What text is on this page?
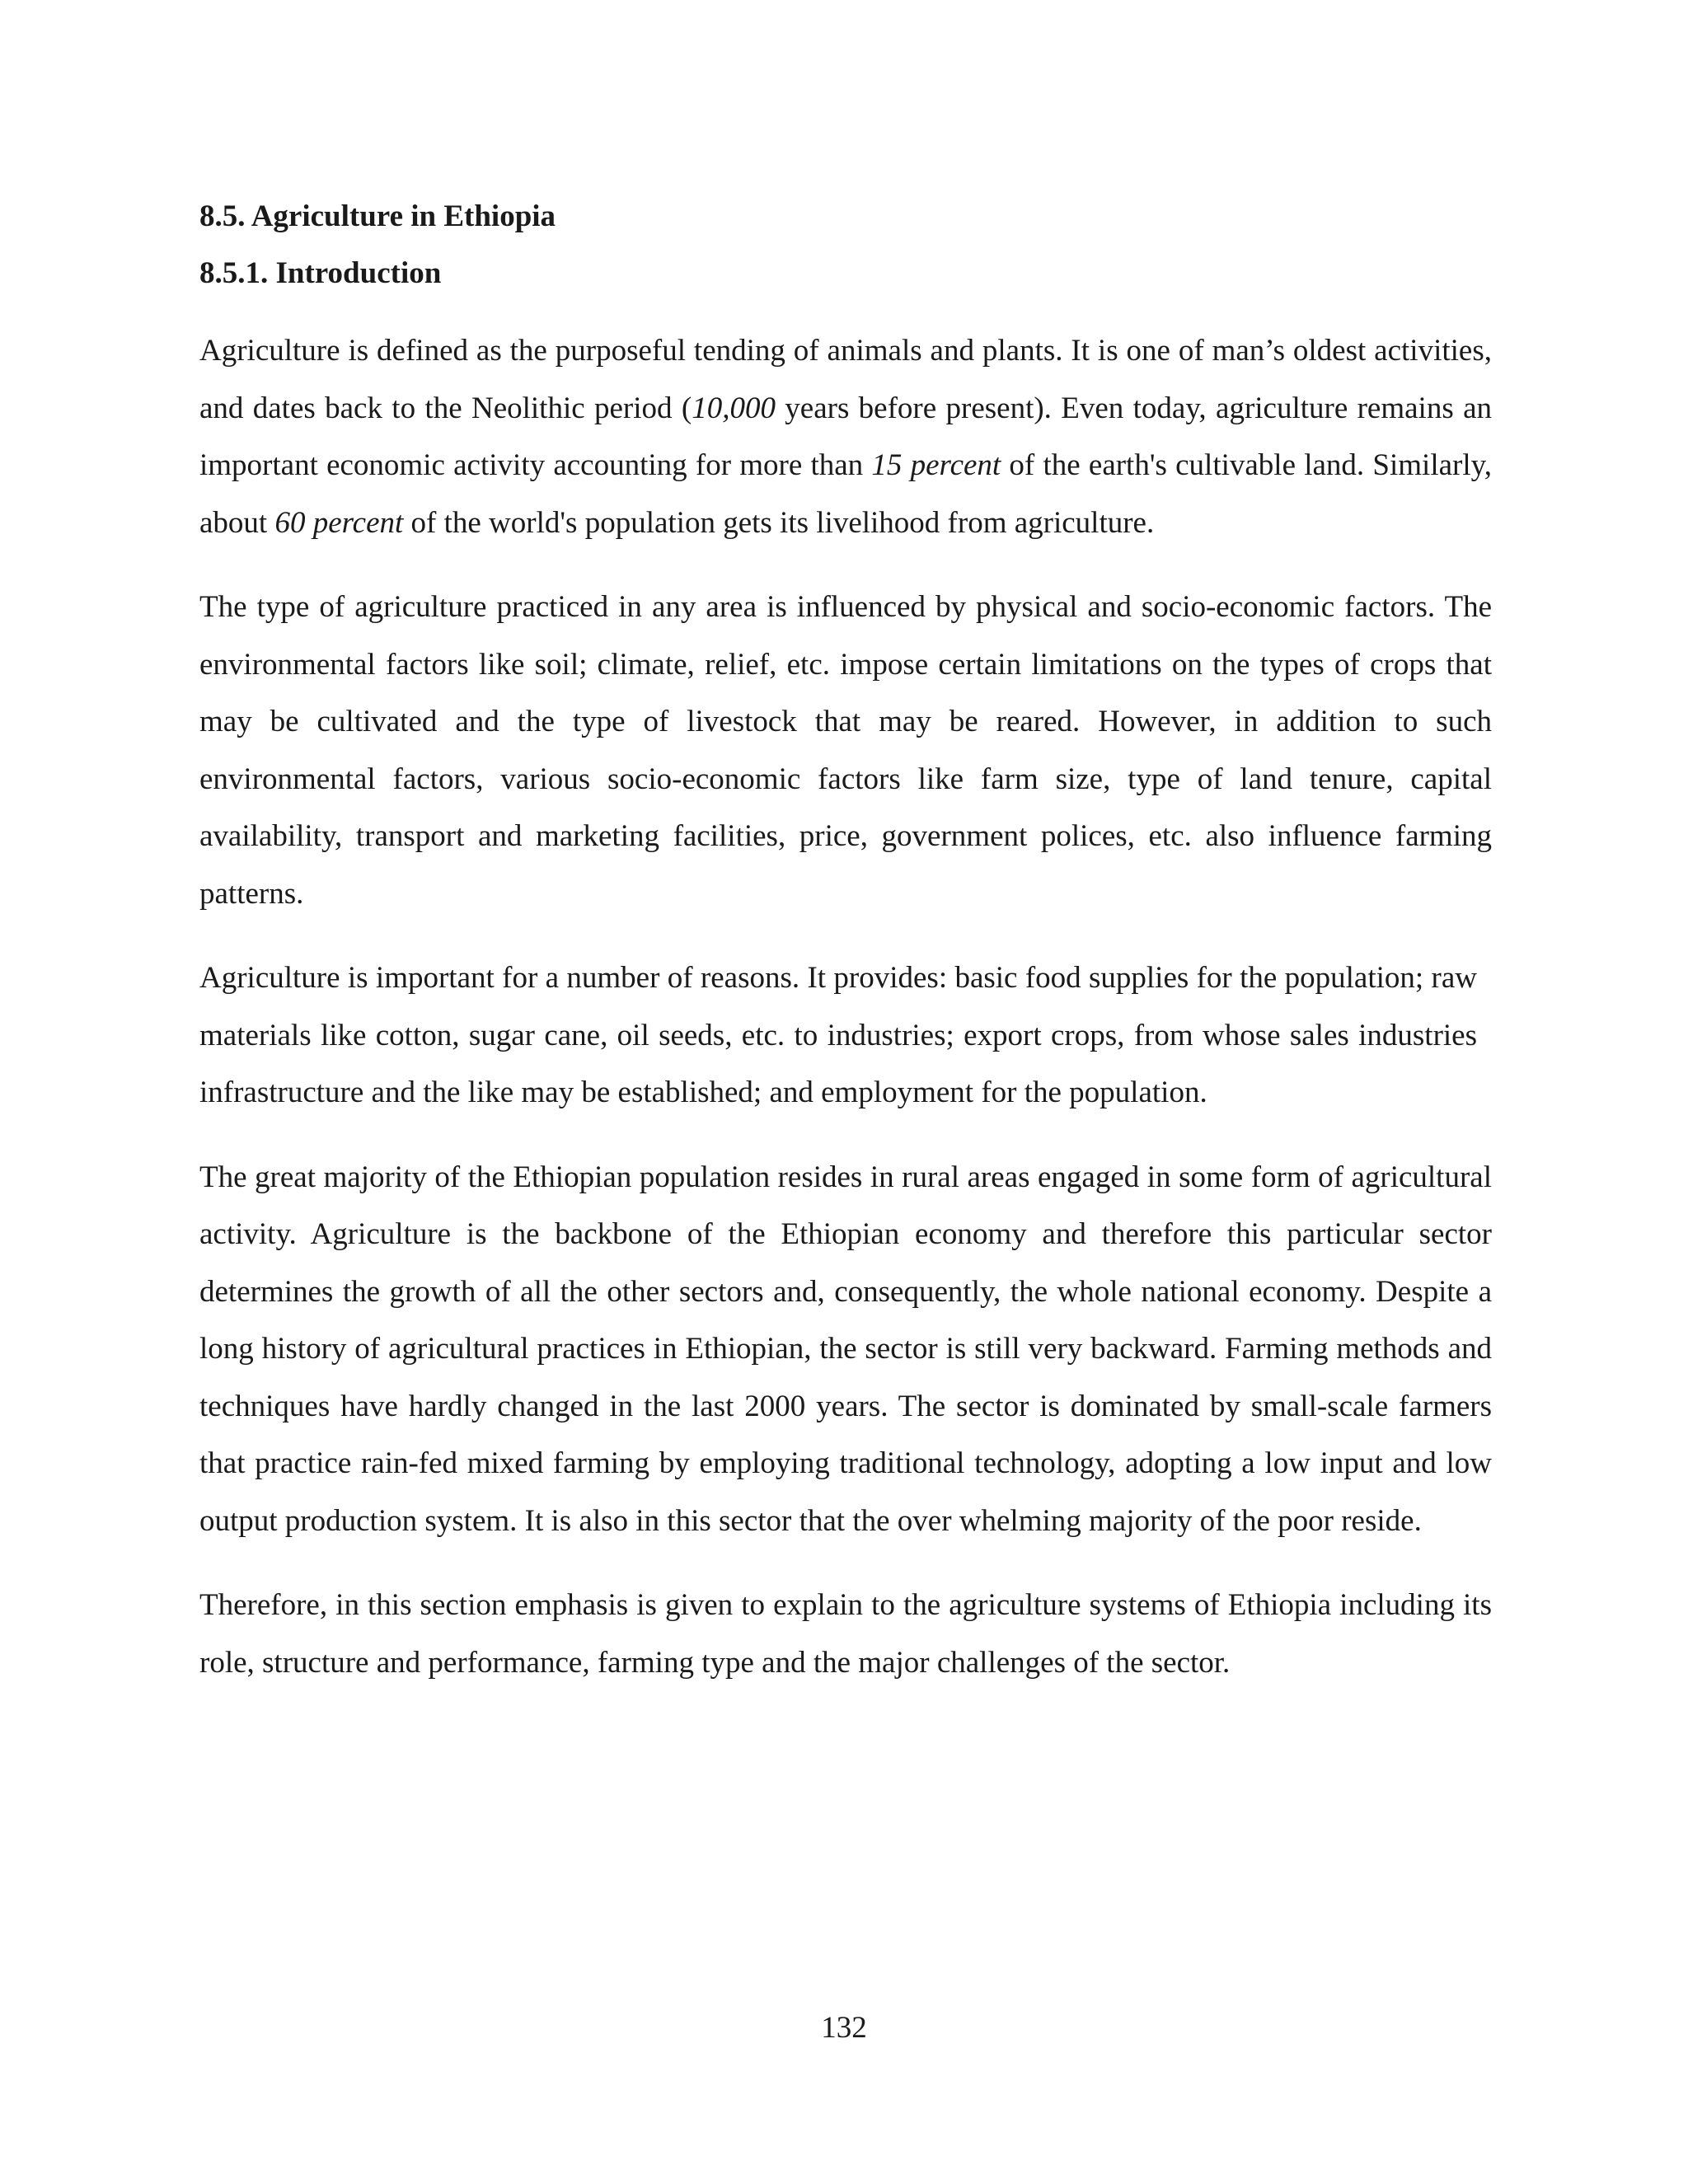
8.5. Agriculture in Ethiopia
8.5.1. Introduction

Agriculture is defined as the purposeful tending of animals and plants. It is one of man’s oldest activities, and dates back to the Neolithic period (10,000 years before present). Even today, agriculture remains an important economic activity accounting for more than 15 percent of the earth's cultivable land. Similarly, about 60 percent of the world's population gets its livelihood from agriculture.

The type of agriculture practiced in any area is influenced by physical and socio-economic factors. The environmental factors like soil; climate, relief, etc. impose certain limitations on the types of crops that may be cultivated and the type of livestock that may be reared. However, in addition to such environmental factors, various socio-economic factors like farm size, type of land tenure, capital availability, transport and marketing facilities, price, government polices, etc. also influence farming patterns.

Agriculture is important for a number of reasons. It provides: basic food supplies for the population; raw materials like cotton, sugar cane, oil seeds, etc. to industries; export crops, from whose sales industries infrastructure and the like may be established; and employment for the population.

The great majority of the Ethiopian population resides in rural areas engaged in some form of agricultural activity. Agriculture is the backbone of the Ethiopian economy and therefore this particular sector determines the growth of all the other sectors and, consequently, the whole national economy. Despite a long history of agricultural practices in Ethiopian, the sector is still very backward. Farming methods and techniques have hardly changed in the last 2000 years. The sector is dominated by small-scale farmers that practice rain-fed mixed farming by employing traditional technology, adopting a low input and low output production system. It is also in this sector that the over whelming majority of the poor reside.

Therefore, in this section emphasis is given to explain to the agriculture systems of Ethiopia including its role, structure and performance, farming type and the major challenges of the sector.

132
